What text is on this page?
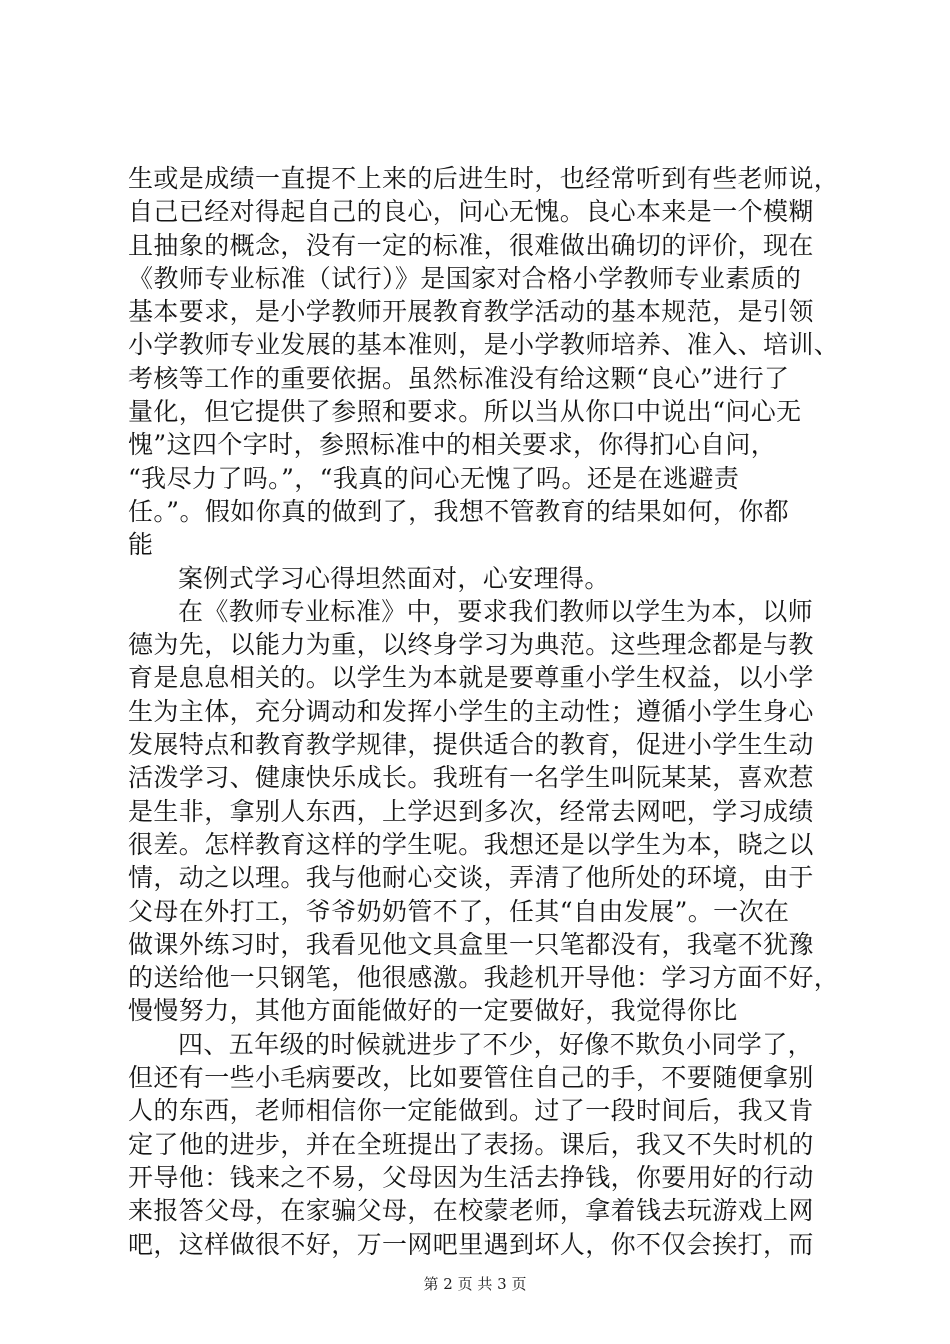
生或是成绩一直提不上来的后进生时，也经常听到有些老师说，
自己已经对得起自己的良心，问心无愧。良心本来是一个模糊
且抽象的概念，没有一定的标准，很难做出确切的评价，现在
《教师专业标准（试行）》是国家对合格小学教师专业素质的
基本要求，是小学教师开展教育教学活动的基本规范，是引领
小学教师专业发展的基本准则，是小学教师培养、准入、培训、
考核等工作的重要依据。虽然标准没有给这颗“良心”进行了
量化，但它提供了参照和要求。所以当从你口中说出“问心无
愧”这四个字时，参照标准中的相关要求，你得扪心自问，
“我尽力了吗。”，“我真的问心无愧了吗。还是在逃避责
任。”。假如你真的做到了，我想不管教育的结果如何，你都
能
案例式学习心得坦然面对，心安理得。
在《教师专业标准》中，要求我们教师以学生为本，以师
德为先，以能力为重，以终身学习为典范。这些理念都是与教
育是息息相关的。以学生为本就是要尊重小学生权益，以小学
生为主体，充分调动和发挥小学生的主动性；遵循小学生身心
发展特点和教育教学规律，提供适合的教育，促进小学生生动
活泼学习、健康快乐成长。我班有一名学生叫阮某某，喜欢惹
是生非，拿别人东西，上学迟到多次，经常去网吧，学习成绩
很差。怎样教育这样的学生呢。我想还是以学生为本，晓之以
情，动之以理。我与他耐心交谈，弄清了他所处的环境，由于
父母在外打工，爷爷奶奶管不了，任其“自由发展”。一次在
做课外练习时，我看见他文具盒里一只笔都没有，我毫不犹豫
的送给他一只钢笔，他很感激。我趁机开导他：学习方面不好，
慢慢努力，其他方面能做好的一定要做好，我觉得你比
四、五年级的时候就进步了不少，好像不欺负小同学了，
但还有一些小毛病要改，比如要管住自己的手，不要随便拿别
人的东西，老师相信你一定能做到。过了一段时间后，我又肯
定了他的进步，并在全班提出了表扬。课后，我又不失时机的
开导他：钱来之不易，父母因为生活去挣钱，你要用好的行动
来报答父母，在家骗父母，在校蒙老师，拿着钱去玩游戏上网
吧，这样做很不好，万一网吧里遇到坏人，你不仅会挨打，而
第 2 页 共 3 页
